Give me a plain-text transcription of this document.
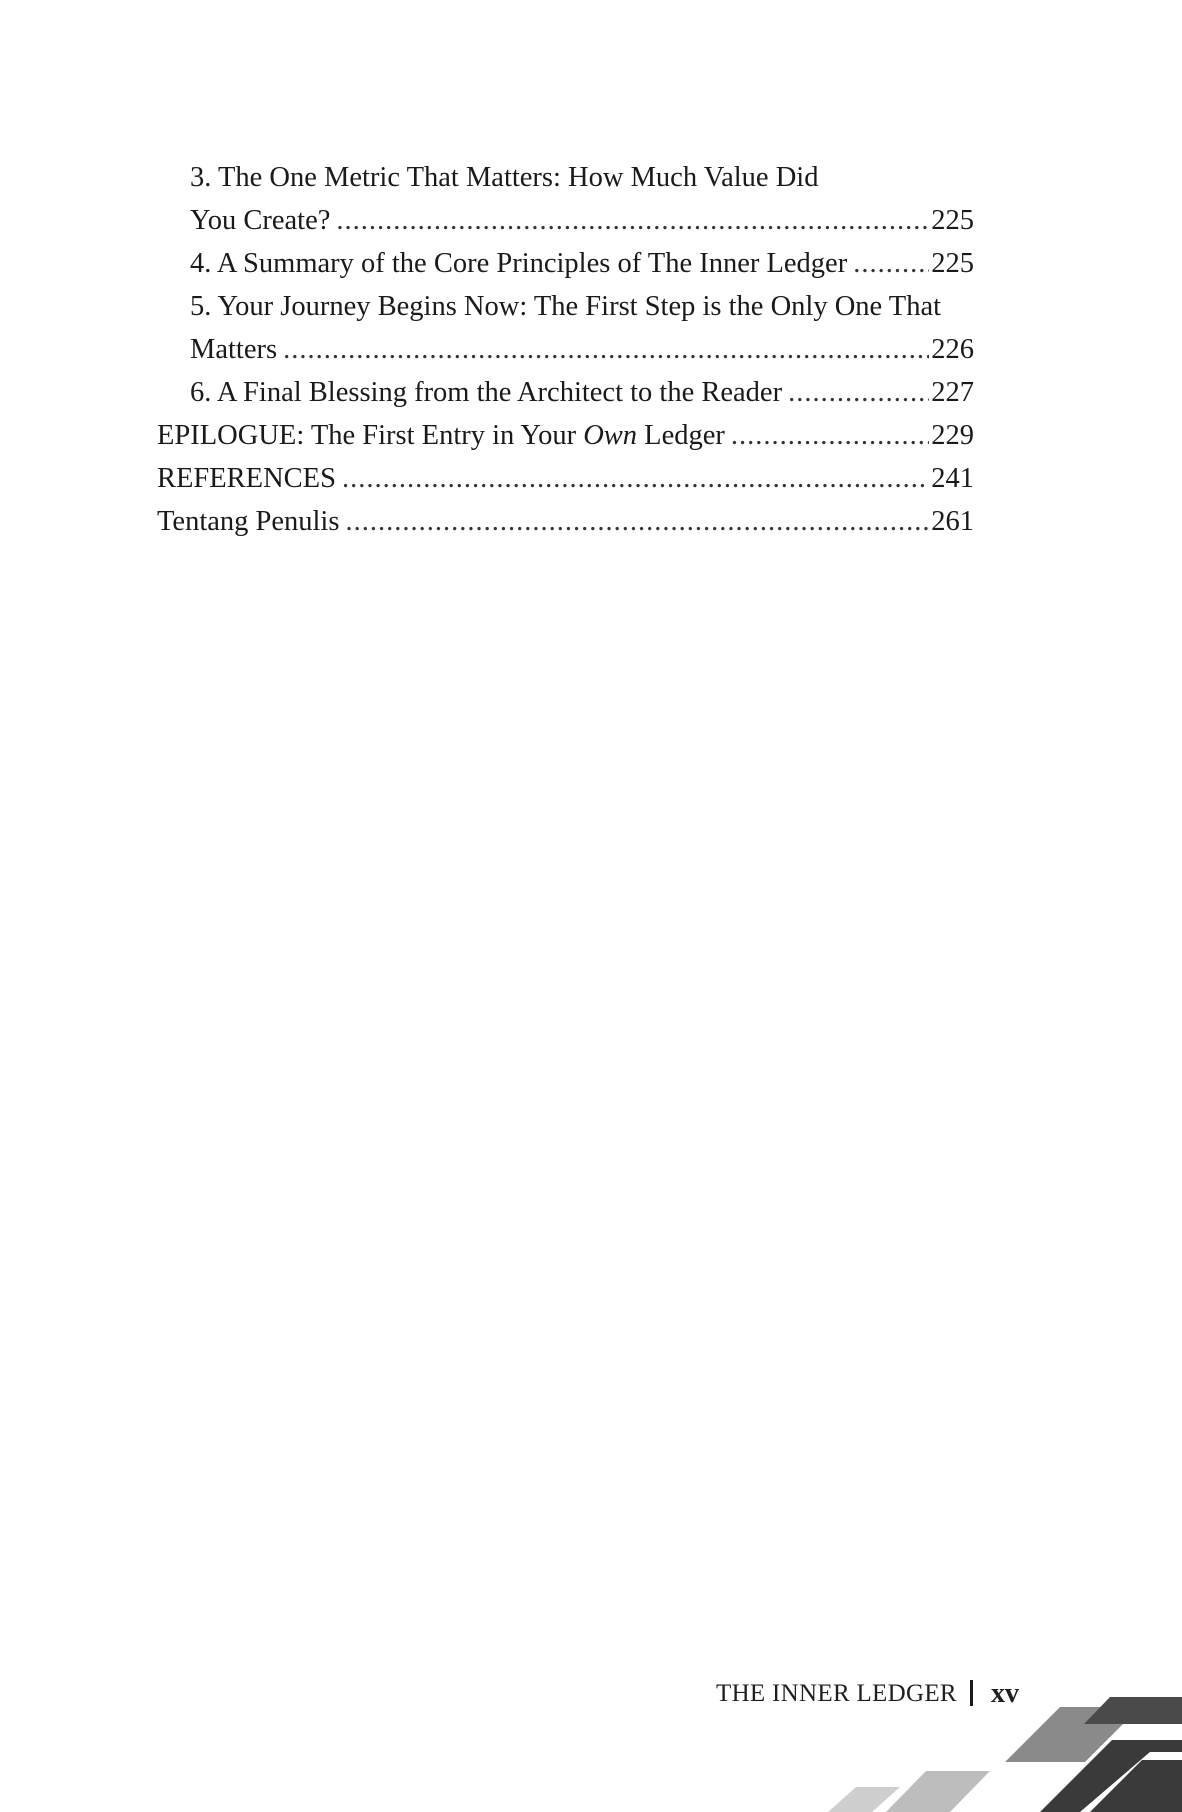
3. The One Metric That Matters: How Much Value Did
You Create? .....	225
4. A Summary of the Core Principles of The Inner Ledger .....	225
5. Your Journey Begins Now: The First Step is the Only One That
Matters .....	226
6. A Final Blessing from the Architect to the Reader .....	227
EPILOGUE: The First Entry in Your Own Ledger .....	229
REFERENCES .....	241
Tentang Penulis .....	261
THE INNER LEDGER xv
